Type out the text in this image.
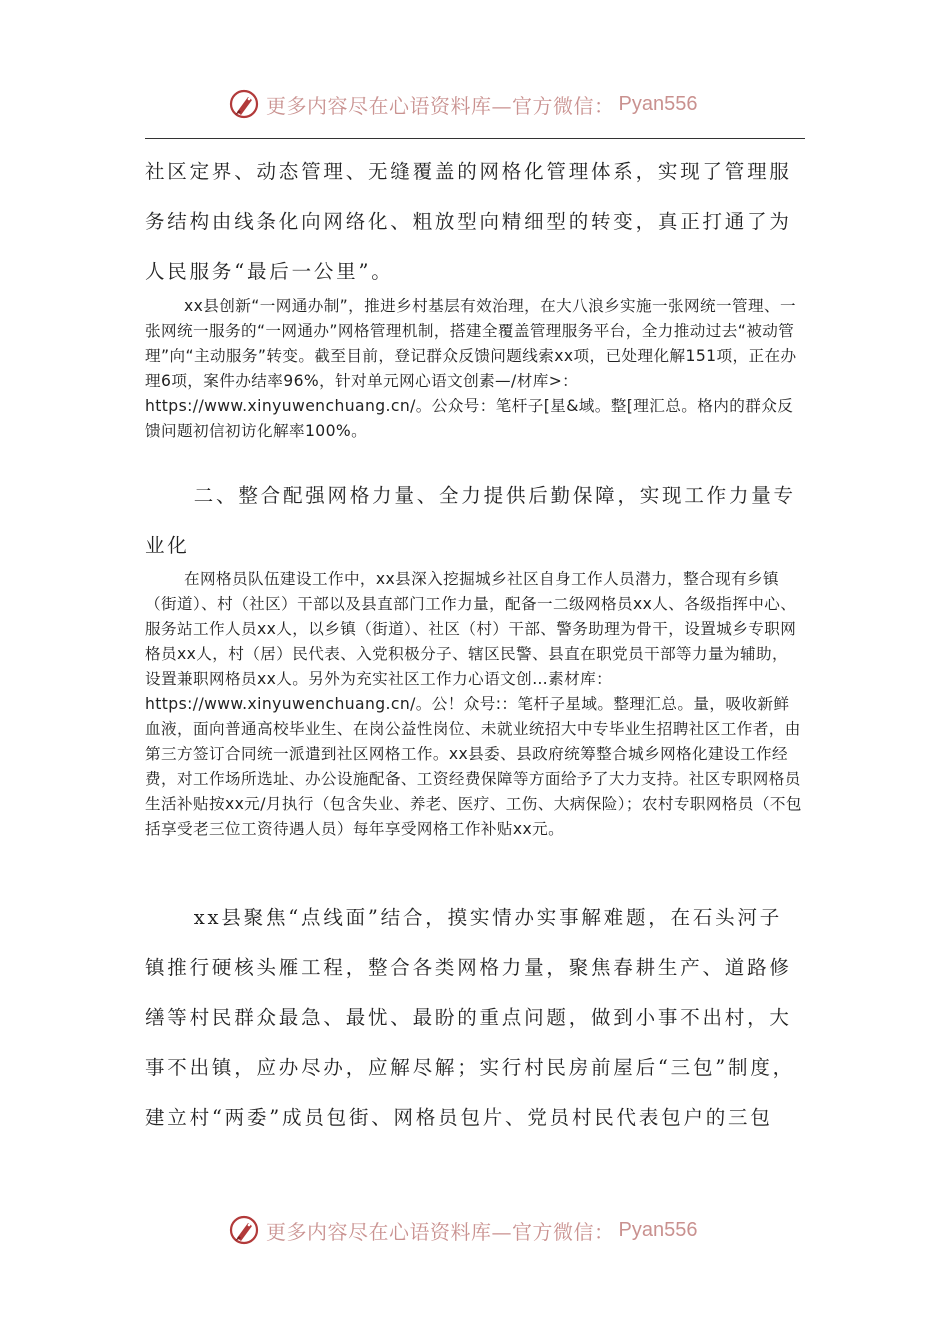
更多内容尽在心语资料库—官方微信： Pyan556

社区定界、动态管理、无缝覆盖的网格化管理体系，实现了管理服务结构由线条化向网络化、粗放型向精细型的转变，真正打通了为人民服务“最后一公里”。

xx县创新“一网通办制”，推进乡村基层有效治理，在大八浪乡实施一张网统一管理、一张网统一服务的“一网通办”网格管理机制，搭建全覆盖管理服务平台，全力推动过去“被动管理”向“主动服务”转变。截至目前，登记群众反馈问题线索xx项，已处理化解151项，正在办理6项，案件办结率96%，针对单元网心语文创素—/材库>：https://www.xinyuwenchuang.cn/。公众号：笔杆子[星&域。整[理汇总。格内的群众反馈问题初信初访化解率100%。

二、整合配强网格力量、全力提供后勤保障，实现工作力量专业化

在网格员队伍建设工作中，xx县深入挖掘城乡社区自身工作人员潜力，整合现有乡镇（街道）、村（社区）干部以及县直部门工作力量，配备一二级网格员xx人、各级指挥中心、服务站工作人员xx人，以乡镇（街道）、社区（村）干部、警务助理为骨干，设置城乡专职网格员xx人，村（居）民代表、入党积极分子、辖区民警、县直在职党员干部等力量为辅助，设置兼职网格员xx人。另外为充实社区工作力心语文创…素材库：https://www.xinyuwenchuang.cn/。公！众号:：笔杆子星域。整理汇总。量，吸收新鲜血液，面向普通高校毕业生、在岗公益性岗位、未就业统招大中专毕业生招聘社区工作者，由第三方签订合同统一派遣到社区网格工作。xx县委、县政府统筹整合城乡网格化建设工作经费，对工作场所选址、办公设施配备、工资经费保障等方面给予了大力支持。社区专职网格员生活补贴按xx元/月执行（包含失业、养老、医疗、工伤、大病保险）；农村专职网格员（不包括享受老三位工资待遇人员）每年享受网格工作补贴xx元。

xx县聚焦“点线面”结合，摸实情办实事解难题，在石头河子镇推行硬核头雁工程，整合各类网格力量，聚焦春耕生产、道路修缮等村民群众最急、最忧、最盼的重点问题，做到小事不出村，大事不出镇，应办尽办，应解尽解；实行村民房前屋后“三包”制度，建立村“两委”成员包街、网格员包片、党员村民代表包户的三包

更多内容尽在心语资料库—官方微信： Pyan556
